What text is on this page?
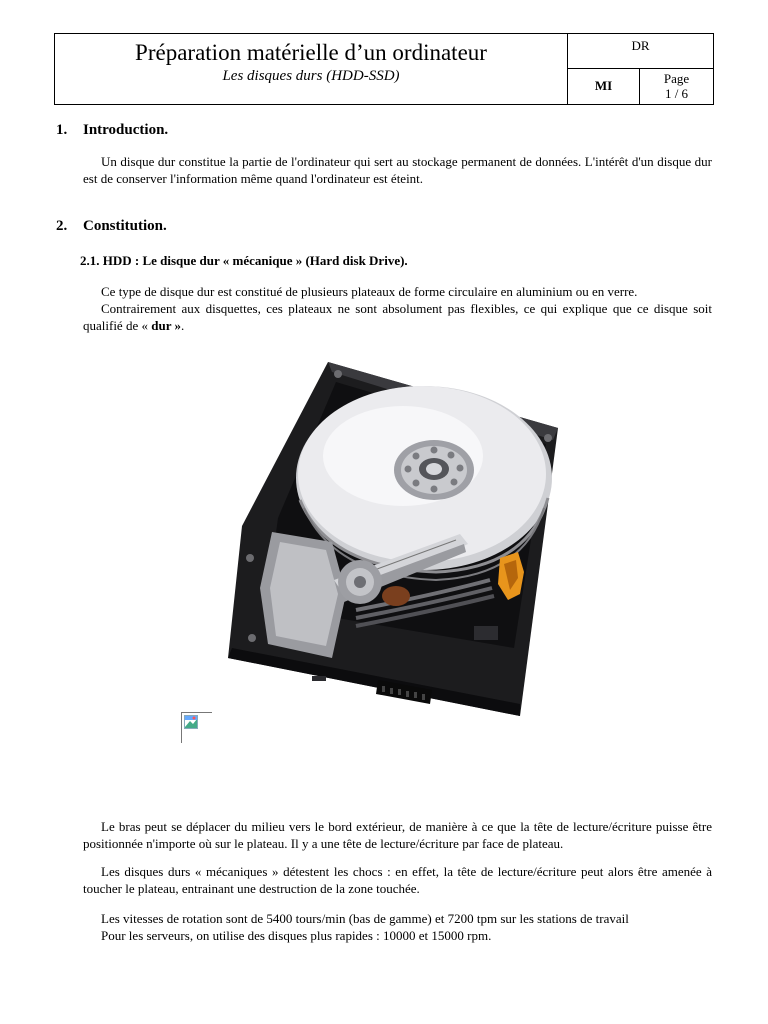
Préparation matérielle d’un ordinateur
Les disques durs (HDD-SSD)
DR
MI	Page
1 / 6
1. Introduction.

Un disque dur constitue la partie de l'ordinateur qui sert au stockage permanent de données. L'intérêt d'un disque dur est de conserver l'information même quand l'ordinateur est éteint.

2. Constitution.
2.1. HDD : Le disque dur « mécanique » (Hard disk Drive).

Ce type de disque dur est constitué de plusieurs plateaux de forme circulaire en aluminium ou en verre.

Contrairement aux disquettes, ces plateaux ne sont absolument pas flexibles, ce qui explique que ce disque soit qualifié de « dur ».

Le bras peut se déplacer du milieu vers le bord extérieur, de manière à ce que la tête de lecture/écriture puisse être positionnée n'importe où sur le plateau. Il y a une tête de lecture/écriture par face de plateau.

Les disques durs « mécaniques » détestent les chocs : en effet, la tête de lecture/écriture peut alors être amenée à toucher le plateau, entrainant une destruction de la zone touchée.

Les vitesses de rotation sont de 5400 tours/min (bas de gamme) et 7200 tpm sur les stations de travail

Pour les serveurs, on utilise des disques plus rapides : 10000 et 15000 rpm.
